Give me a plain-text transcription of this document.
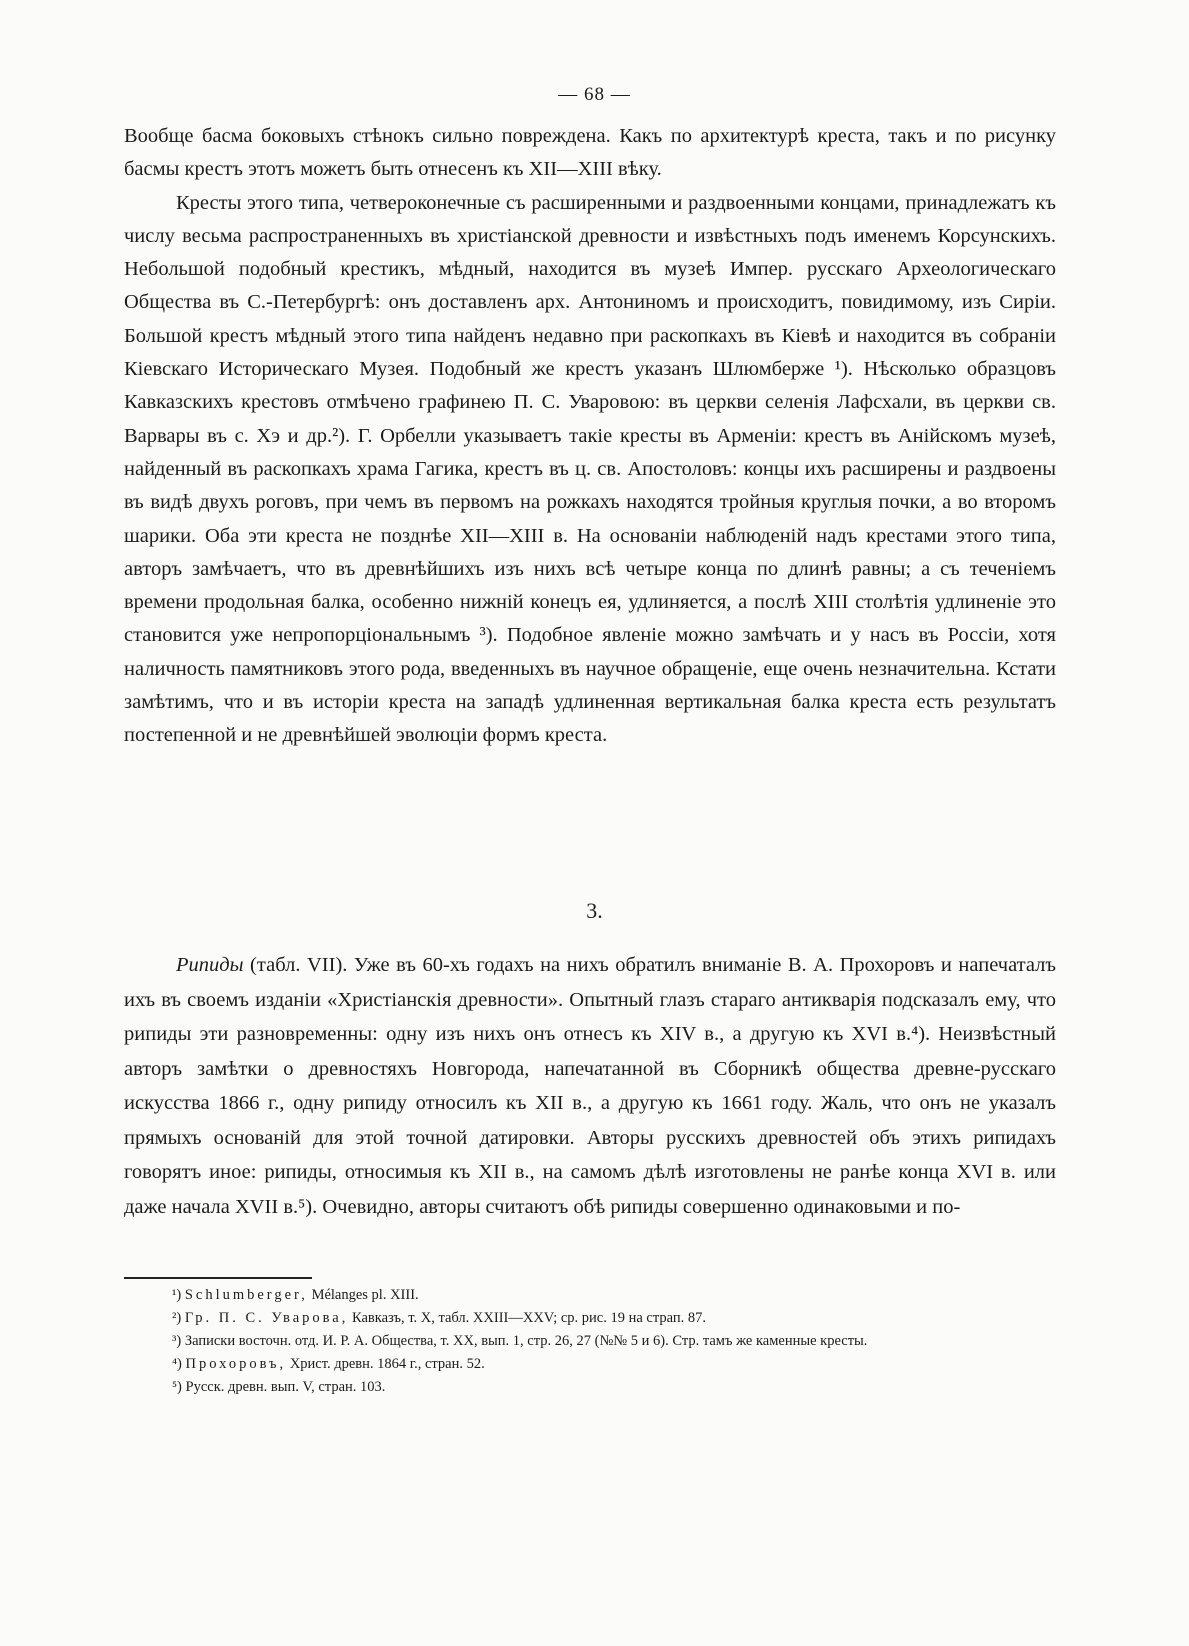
— 68 —

Вообще басма боковыхъ стѣнокъ сильно повреждена. Какъ по архитектурѣ креста, такъ и по рисунку басмы крестъ этотъ можетъ быть отнесенъ къ XII—XIII вѣку.

Кресты этого типа, четвероконечные съ расширенными и раздвоенными концами, принадлежатъ къ числу весьма распространенныхъ въ христіанской древности и извѣстныхъ подъ именемъ Корсунскихъ. Небольшой подобный крестикъ, мѣдный, находится въ музеѣ Импер. русскаго Археологическаго Общества въ С.-Петербургѣ: онъ доставленъ арх. Антониномъ и происходитъ, повидимому, изъ Сиріи. Большой крестъ мѣдный этого типа найденъ недавно при раскопкахъ въ Кіевѣ и находится въ собраніи Кіевскаго Историческаго Музея. Подобный же крестъ указанъ Шлюмберже ¹). Нѣсколько образцовъ Кавказскихъ крестовъ отмѣчено графинею П. С. Уваровою: въ церкви селенія Лафсхали, въ церкви св. Варвары въ с. Хэ и др.²). Г. Орбелли указываетъ такіе кресты въ Арменіи: крестъ въ Анійскомъ музеѣ, найденный въ раскопкахъ храма Гагика, крестъ въ ц. св. Апостоловъ: концы ихъ расширены и раздвоены въ видѣ двухъ роговъ, при чемъ въ первомъ на рожкахъ находятся тройныя круглыя почки, а во второмъ шарики. Оба эти креста не позднѣе XII—XIII в. На основаніи наблюденій надъ крестами этого типа, авторъ замѣчаетъ, что въ древнѣйшихъ изъ нихъ всѣ четыре конца по длинѣ равны; а съ теченіемъ времени продольная балка, особенно нижній конецъ ея, удлиняется, а послѣ XIII столѣтія удлиненіе это становится уже непропорціональнымъ ³). Подобное явленіе можно замѣчать и у насъ въ Россіи, хотя наличность памятниковъ этого рода, введенныхъ въ научное обращеніе, еще очень незначительна. Кстати замѣтимъ, что и въ исторіи креста на западѣ удлиненная вертикальная балка креста есть результатъ постепенной и не древнѣйшей эволюціи формъ креста.

3.

Рипиды (табл. VII). Уже въ 60-хъ годахъ на нихъ обратилъ вниманіе В. А. Прохоровъ и напечаталъ ихъ въ своемъ изданіи «Христіанскія древности». Опытный глазъ стараго антикварія подсказалъ ему, что рипиды эти разновременны: одну изъ нихъ онъ отнесъ къ XIV в., а другую къ XVI в.⁴). Неизвѣстный авторъ замѣтки о древностяхъ Новгорода, напечатанной въ Сборникѣ общества древне-русскаго искусства 1866 г., одну рипиду относилъ къ XII в., а другую къ 1661 году. Жаль, что онъ не указалъ прямыхъ основаній для этой точной датировки. Авторы русскихъ древностей объ этихъ рипидахъ говорятъ иное: рипиды, относимыя къ XII в., на самомъ дѣлѣ изготовлены не ранѣе конца XVI в. или даже начала XVII в.⁵). Очевидно, авторы считаютъ обѣ рипиды совершенно одинаковыми и по-

¹) Schlumberger, Mélanges pl. XIII.

²) Гр. П. С. Уварова, Кавказъ, т. X, табл. XXIII—XXV; ср. рис. 19 на страп. 87.

³) Записки восточн. отд. И. Р. А. Общества, т. XX, вып. 1, стр. 26, 27 (№№ 5 и 6). Стр. тамъ же каменные кресты.

⁴) Прохоровъ, Христ. древн. 1864 г., стран. 52.

⁵) Русск. древн. вып. V, стран. 103.
